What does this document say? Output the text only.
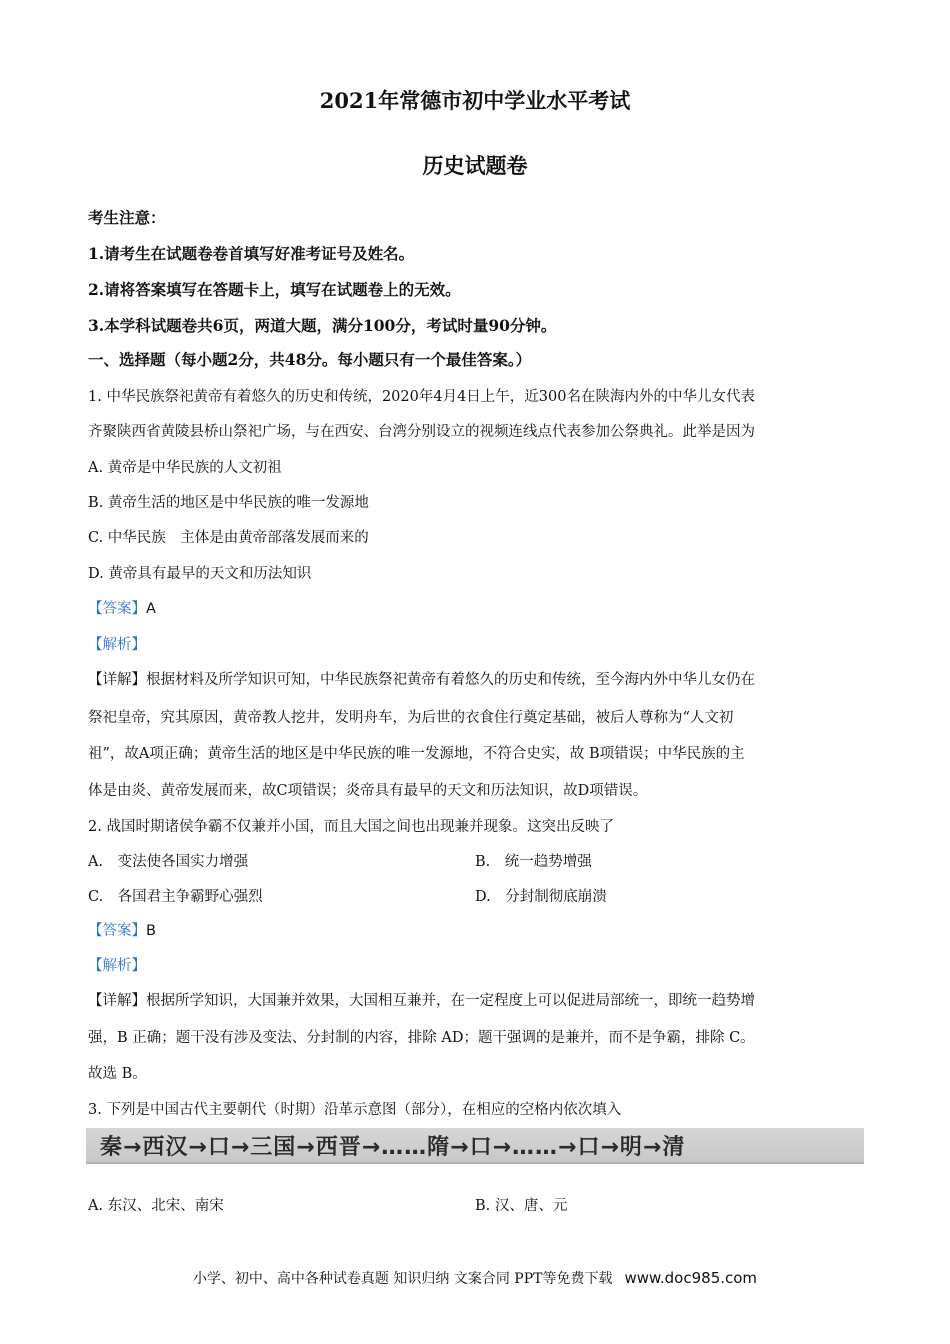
2021年常德市初中学业水平考试
历史试题卷
考生注意：
1.请考生在试题卷卷首填写好准考证号及姓名。
2.请将答案填写在答题卡上，填写在试题卷上的无效。
3.本学科试题卷共6页，两道大题，满分100分，考试时量90分钟。
一、选择题（每小题2分，共48分。每小题只有一个最佳答案。）
1. 中华民族祭祀黄帝有着悠久的历史和传统，2020年4月4日上午，近300名在陕海内外的中华儿女代表
齐聚陕西省黄陵县桥山祭祀广场，与在西安、台湾分别设立的视频连线点代表参加公祭典礼。此举是因为
A. 黄帝是中华民族的人文初祖
B. 黄帝生活的地区是中华民族的唯一发源地
C. 中华民族　主体是由黄帝部落发展而来的
D. 黄帝具有最早的天文和历法知识
【答案】A
【解析】
【详解】根据材料及所学知识可知，中华民族祭祀黄帝有着悠久的历史和传统，至今海内外中华儿女仍在
祭祀皇帝，究其原因，黄帝教人挖井，发明舟车，为后世的衣食住行奠定基础，被后人尊称为“人文初
祖”，故A项正确；黄帝生活的地区是中华民族的唯一发源地，不符合史实，故 B项错误；中华民族的主
体是由炎、黄帝发展而来，故C项错误；炎帝具有最早的天文和历法知识，故D项错误。
2. 战国时期诸侯争霸不仅兼并小国，而且大国之间也出现兼并现象。这突出反映了
A.　变法使各国实力增强	B.　统一趋势增强
C.　各国君主争霸野心强烈	D.　分封制彻底崩溃
【答案】B
【解析】
【详解】根据所学知识，大国兼并效果，大国相互兼并，在一定程度上可以促进局部统一，即统一趋势增
强，B 正确；题干没有涉及变法、分封制的内容，排除 AD；题干强调的是兼并，而不是争霸，排除 C。
故选 B。
3. 下列是中国古代主要朝代（时期）沿革示意图（部分），在相应的空格内依次填入
秦→西汉→口→三国→西晋→……隋→口→……→口→明→清
A. 东汉、北宋、南宋	B. 汉、唐、元
小学、初中、高中各种试卷真题 知识归纳 文案合同 PPT等免费下载 www.doc985.com
